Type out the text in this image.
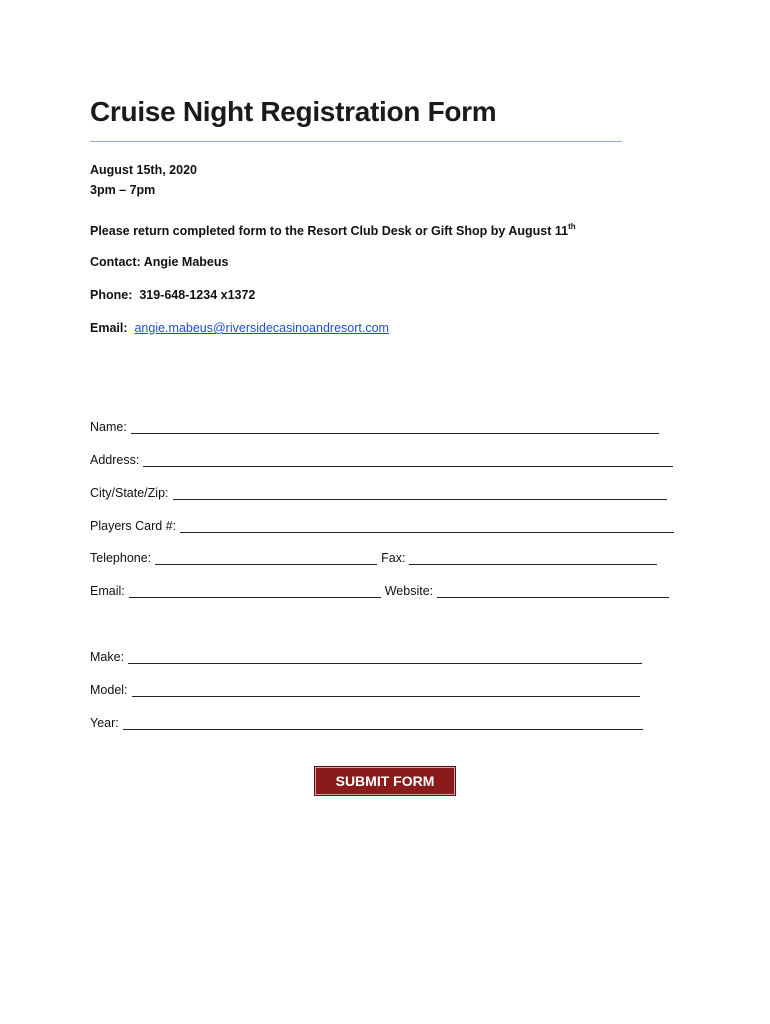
Cruise Night Registration Form
August 15th, 2020
3pm – 7pm
Please return completed form to the Resort Club Desk or Gift Shop by August 11th
Contact: Angie Mabeus
Phone: 319-648-1234 x1372
Email: angie.mabeus@riversidecasinoandresort.com
Name:
Address:
City/State/Zip:
Players Card #:
Telephone:	Fax:
Email:	Website:
Make:
Model:
Year:
SUBMIT FORM
